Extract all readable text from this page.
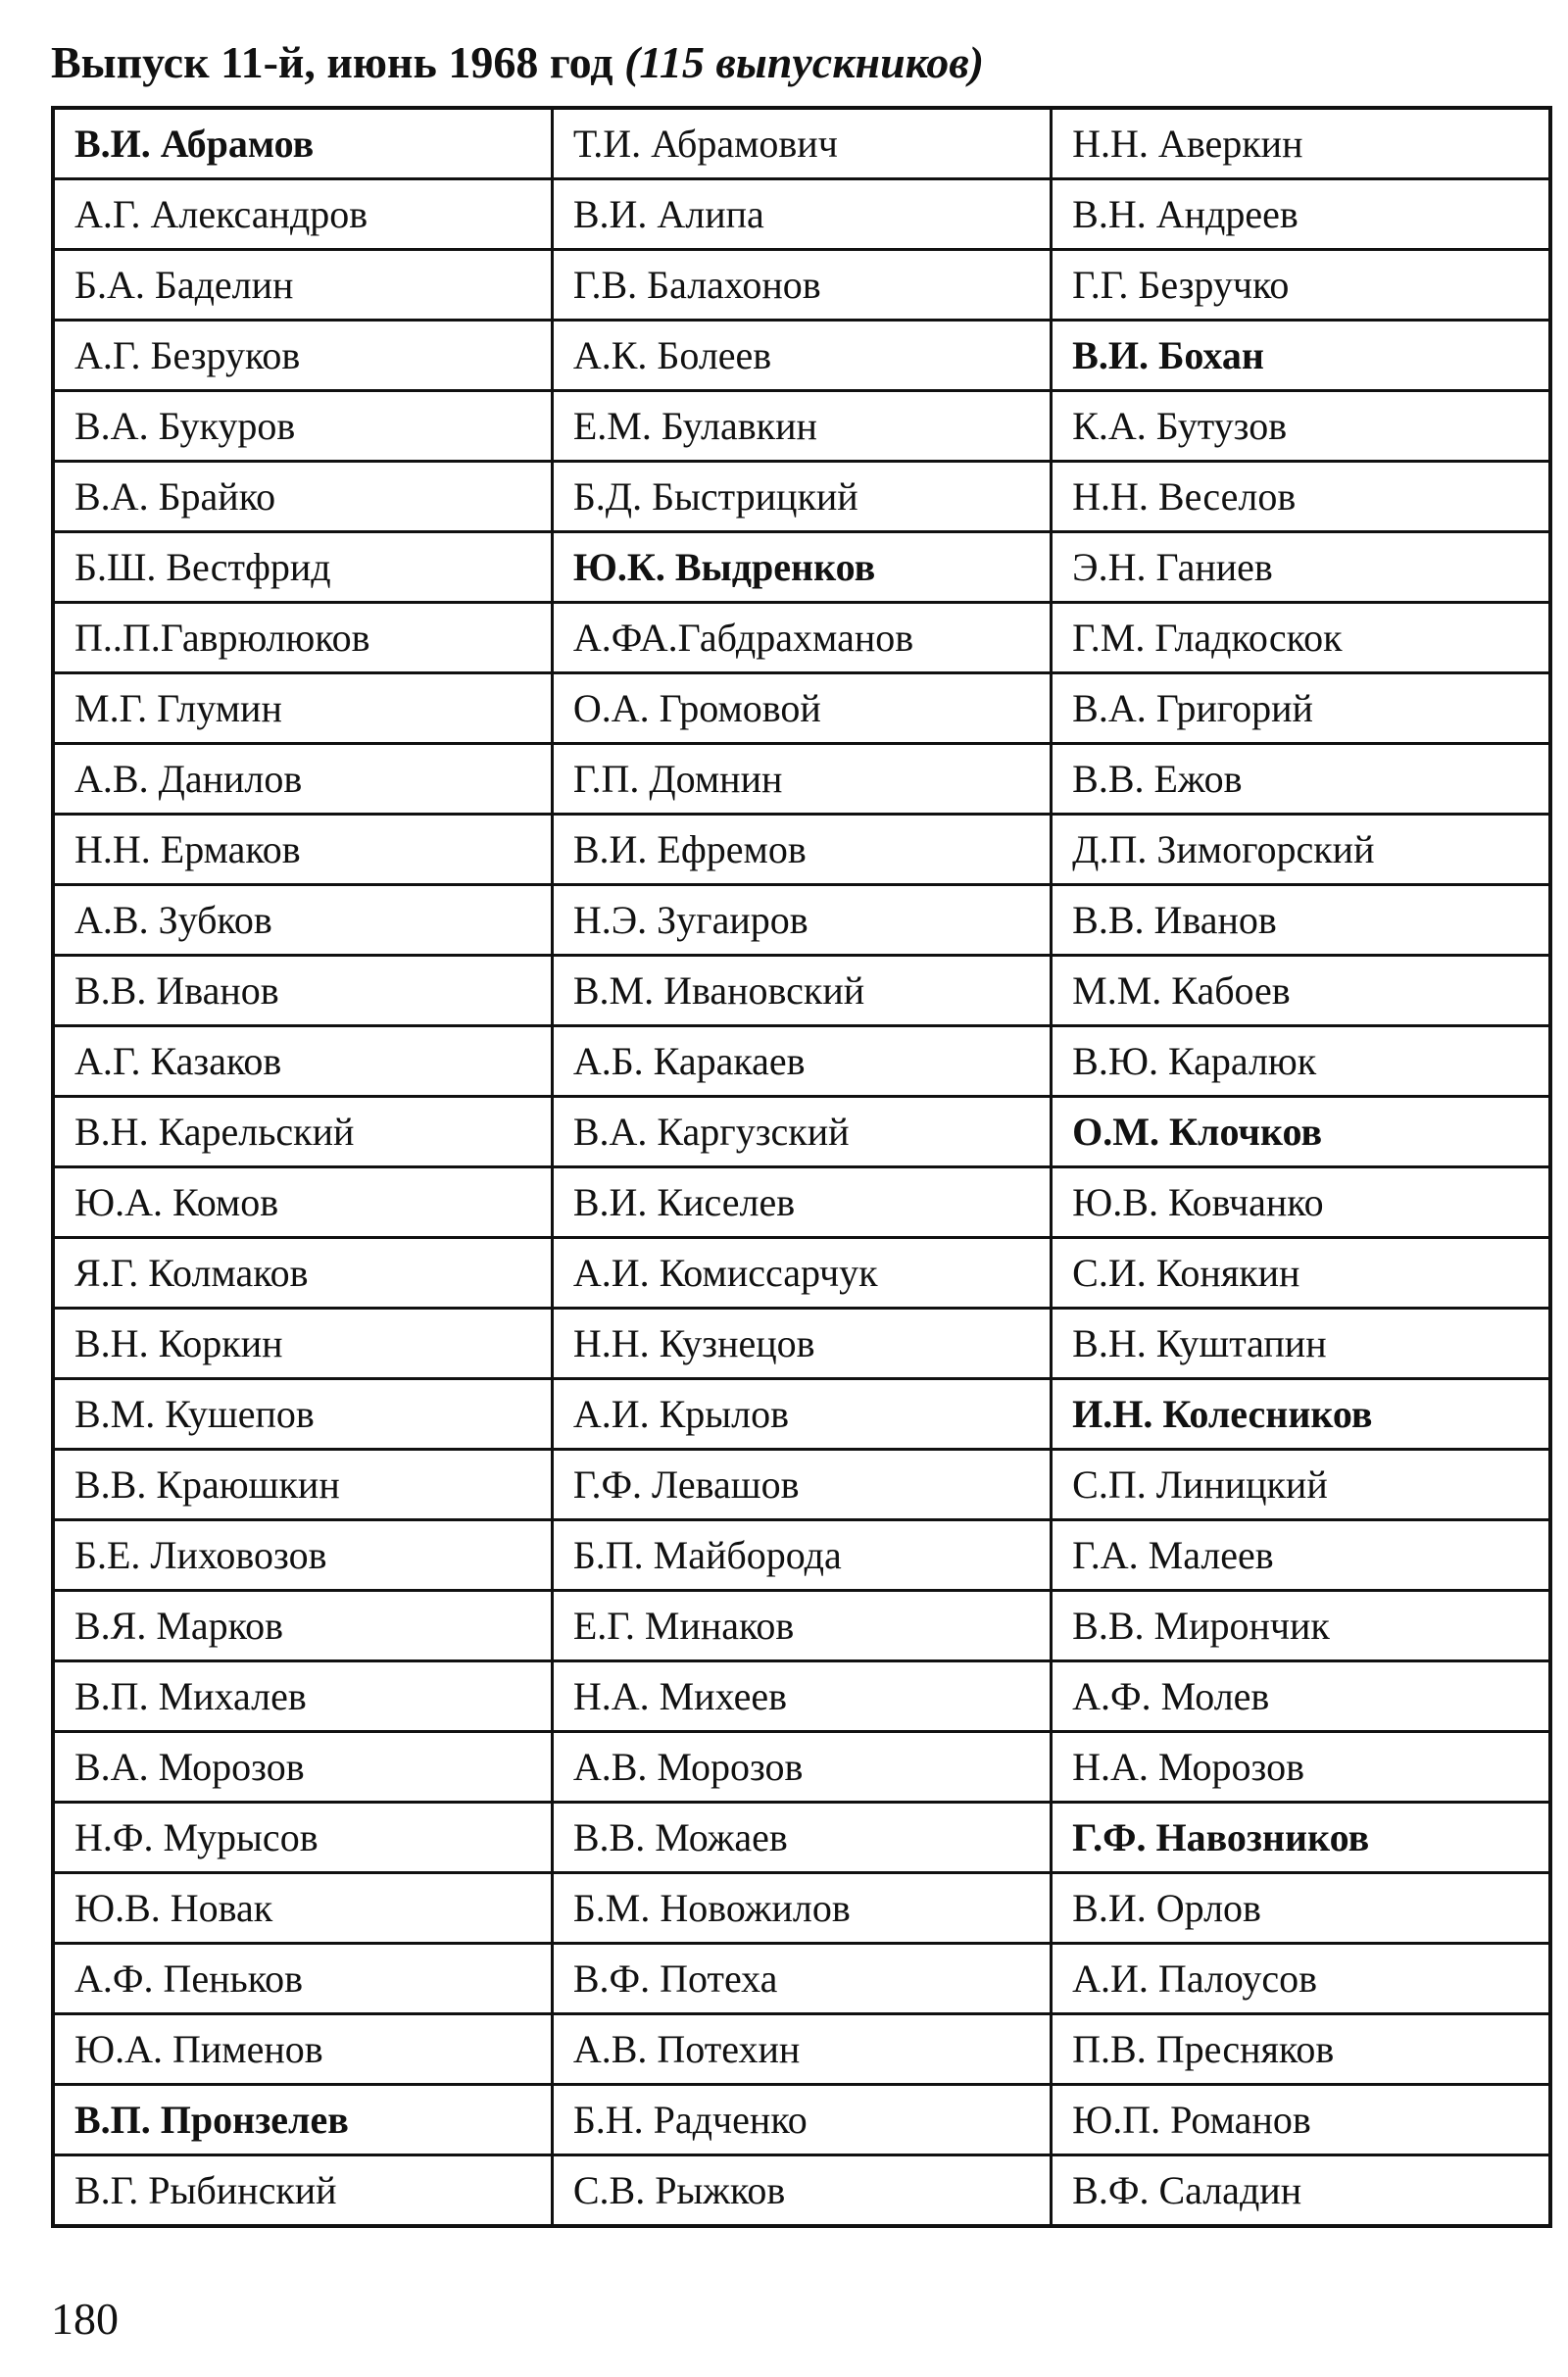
Выпуск 11-й, июнь 1968 год (115 выпускников)
В.И. Абрамов	Т.И. Абрамович	Н.Н. Аверкин
А.Г. Александров	В.И. Алипа	В.Н. Андреев
Б.А. Баделин	Г.В. Балахонов	Г.Г. Безручко
А.Г. Безруков	А.К. Болеев	В.И. Бохан
В.А. Букуров	Е.М. Булавкин	К.А. Бутузов
В.А. Брайко	Б.Д. Быстрицкий	Н.Н. Веселов
Б.Ш. Вестфрид	Ю.К. Выдренков	Э.Н. Ганиев
П..П.Гаврюлюков	А.ФА.Габдрахманов	Г.М. Гладкоскок
М.Г. Глумин	О.А. Громовой	В.А. Григорий
А.В. Данилов	Г.П. Домнин	В.В. Ежов
Н.Н. Ермаков	В.И. Ефремов	Д.П. Зимогорский
А.В. Зубков	Н.Э. Зугаиров	В.В. Иванов
В.В. Иванов	В.М. Ивановский	М.М. Кабоев
А.Г. Казаков	А.Б. Каракаев	В.Ю. Каралюк
В.Н. Карельский	В.А. Каргузский	О.М. Клочков
Ю.А. Комов	В.И. Киселев	Ю.В. Ковчанко
Я.Г. Колмаков	А.И. Комиссарчук	С.И. Конякин
В.Н. Коркин	Н.Н. Кузнецов	В.Н. Куштапин
В.М. Кушепов	А.И. Крылов	И.Н. Колесников
В.В. Краюшкин	Г.Ф. Левашов	С.П. Линицкий
Б.Е. Лиховозов	Б.П. Майборода	Г.А. Малеев
В.Я. Марков	Е.Г. Минаков	В.В. Мирончик
В.П. Михалев	Н.А. Михеев	А.Ф. Молев
В.А. Морозов	А.В. Морозов	Н.А. Морозов
Н.Ф. Мурысов	В.В. Можаев	Г.Ф. Навозников
Ю.В. Новак	Б.М. Новожилов	В.И. Орлов
А.Ф. Пеньков	В.Ф. Потеха	А.И. Палоусов
Ю.А. Пименов	А.В. Потехин	П.В. Пресняков
В.П. Пронзелев	Б.Н. Радченко	Ю.П. Романов
В.Г. Рыбинский	С.В. Рыжков	В.Ф. Саладин
180
